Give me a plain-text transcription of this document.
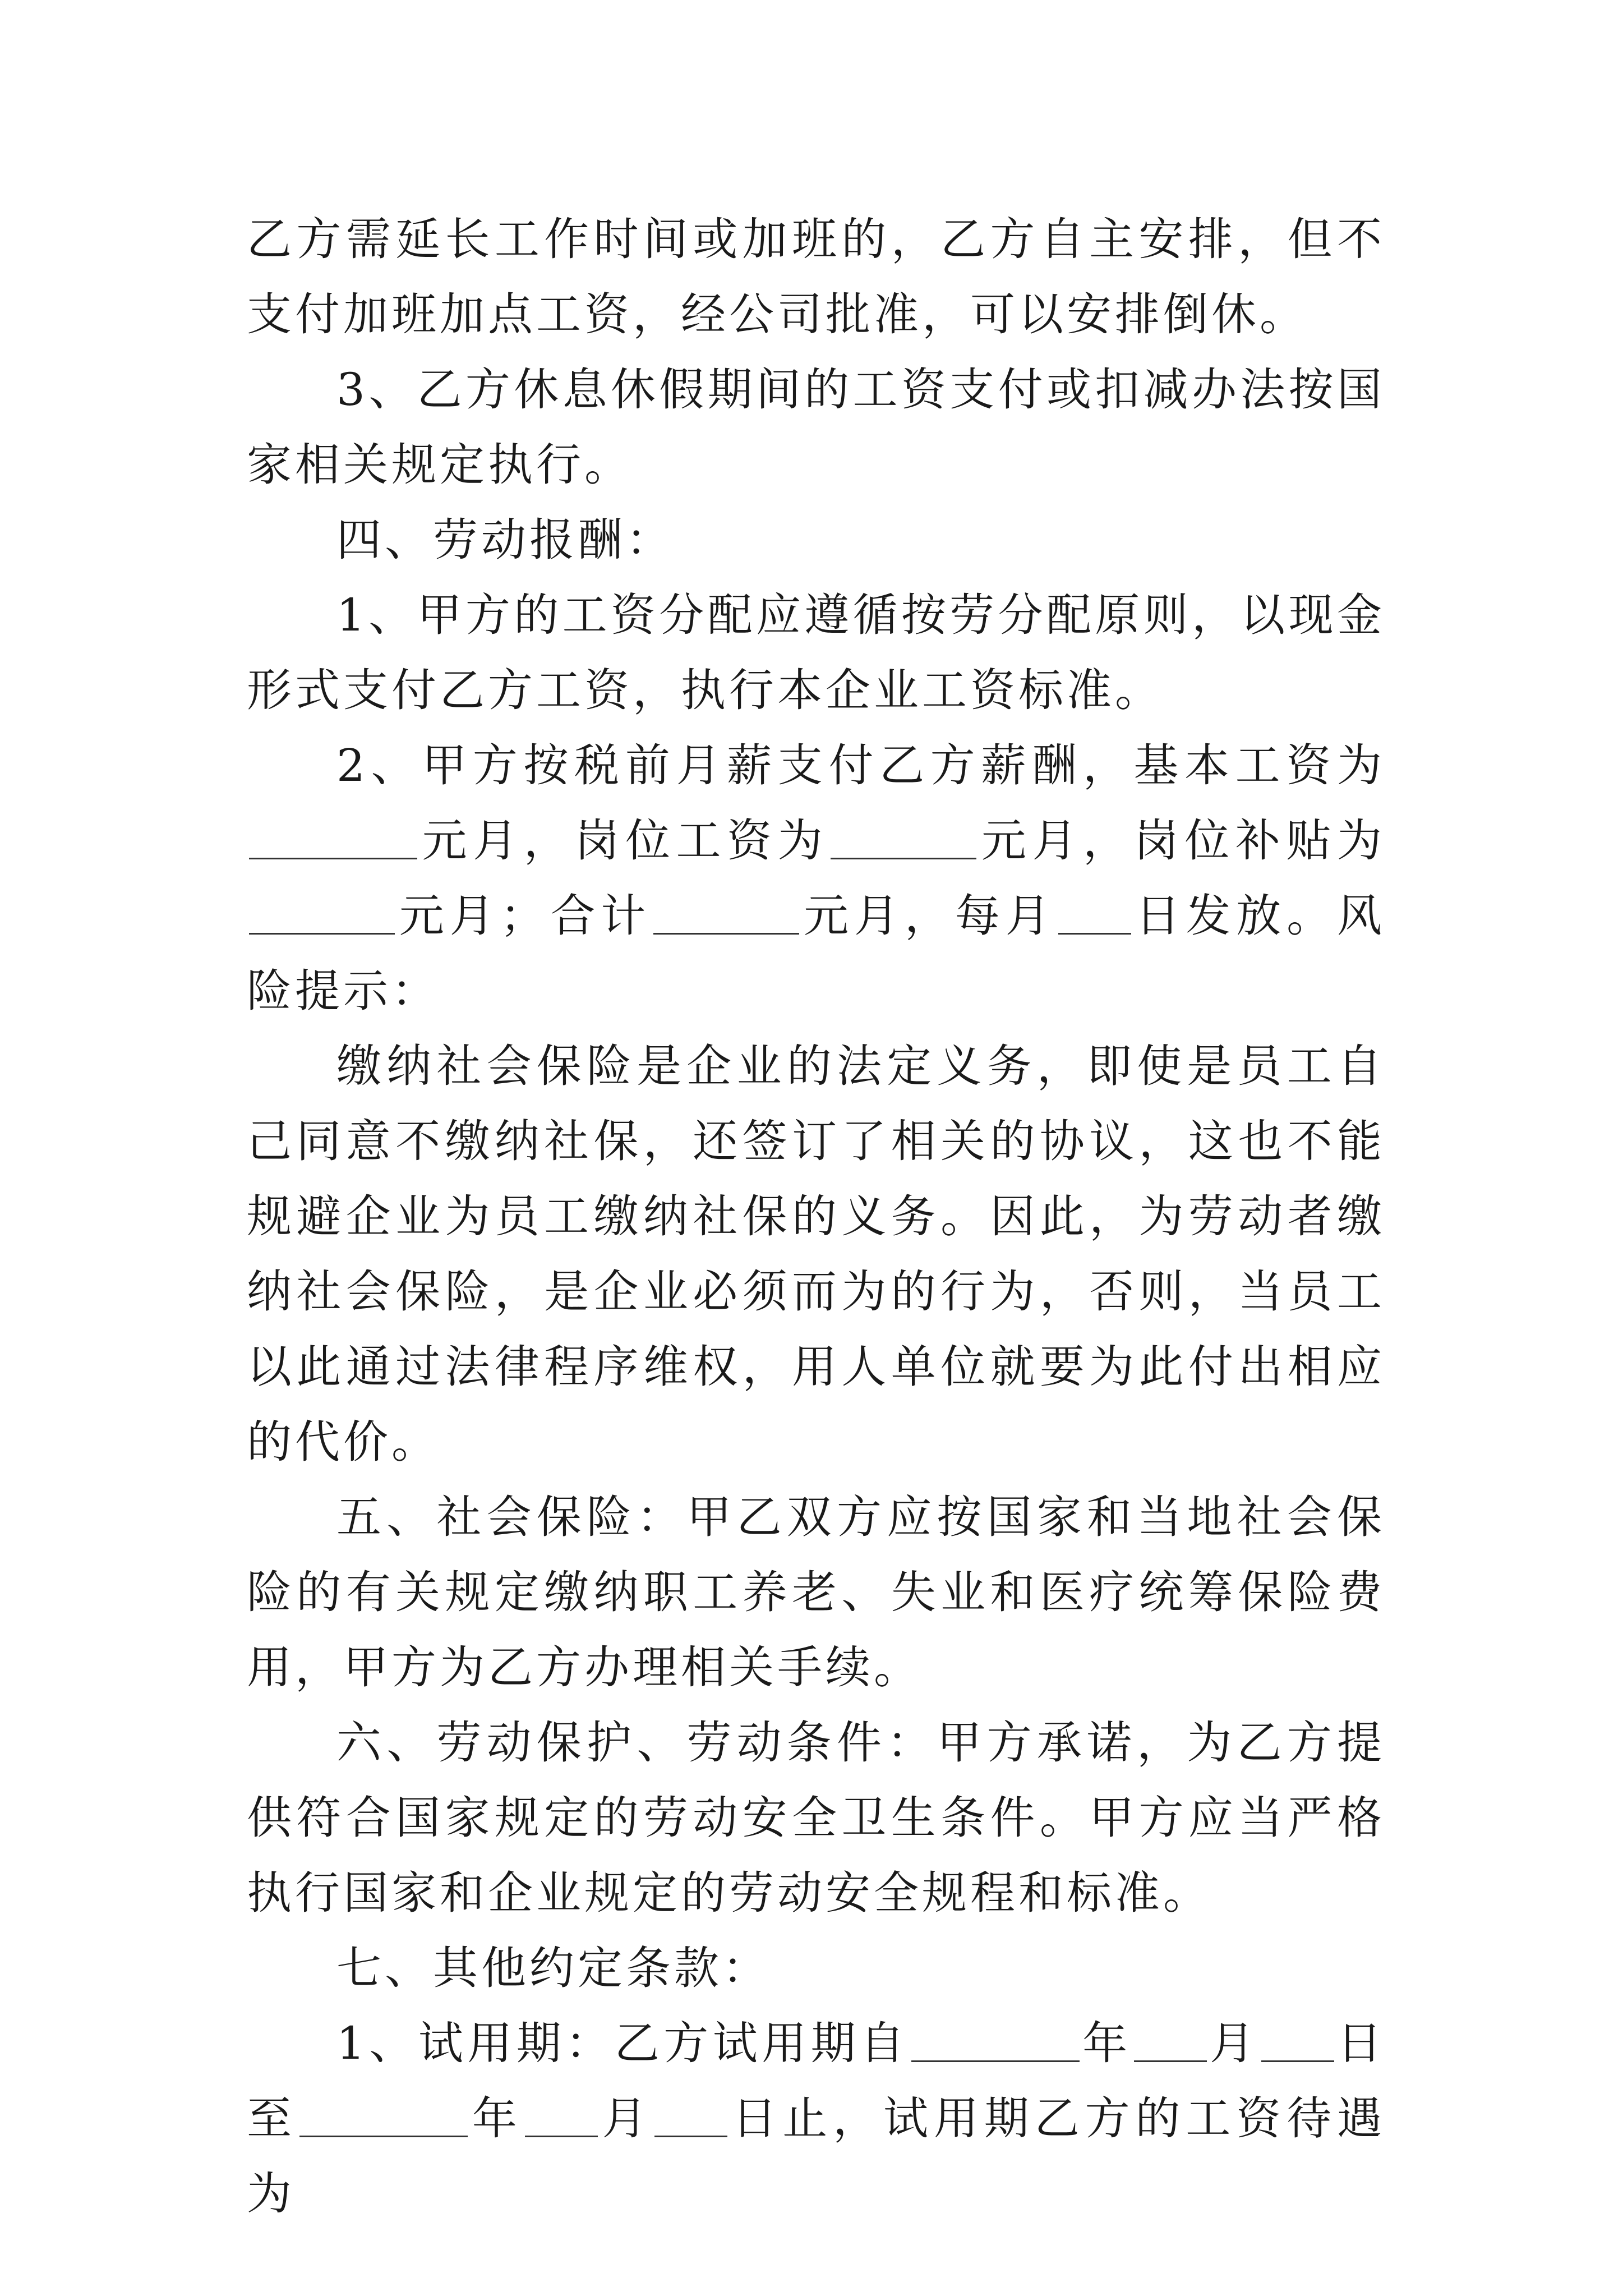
乙方需延长工作时间或加班的，乙方自主安排，但不支付加班加点工资，经公司批准，可以安排倒休。

3、乙方休息休假期间的工资支付或扣减办法按国家相关规定执行。

四、劳动报酬：

1、甲方的工资分配应遵循按劳分配原则，以现金形式支付乙方工资，执行本企业工资标准。

2、甲方按税前月薪支付乙方薪酬，基本工资为元月，岗位工资为	元月，岗位补贴为元月；合计	元月，每月 日发放。风险提示：

缴纳社会保险是企业的法定义务，即使是员工自己同意不缴纳社保，还签订了相关的协议，这也不能规避企业为员工缴纳社保的义务。因此，为劳动者缴纳社会保险，是企业必须而为的行为，否则，当员工以此通过法律程序维权，用人单位就要为此付出相应的代价。

五、社会保险：甲乙双方应按国家和当地社会保险的有关规定缴纳职工养老、失业和医疗统筹保险费用，甲方为乙方办理相关手续。

六、劳动保护、劳动条件：甲方承诺，为乙方提供符合国家规定的劳动安全卫生条件。甲方应当严格执行国家和企业规定的劳动安全规程和标准。

七、其他约定条款：

1、试用期：乙方试用期自	年 月 日至	年 月 日止，试用期乙方的工资待遇为
